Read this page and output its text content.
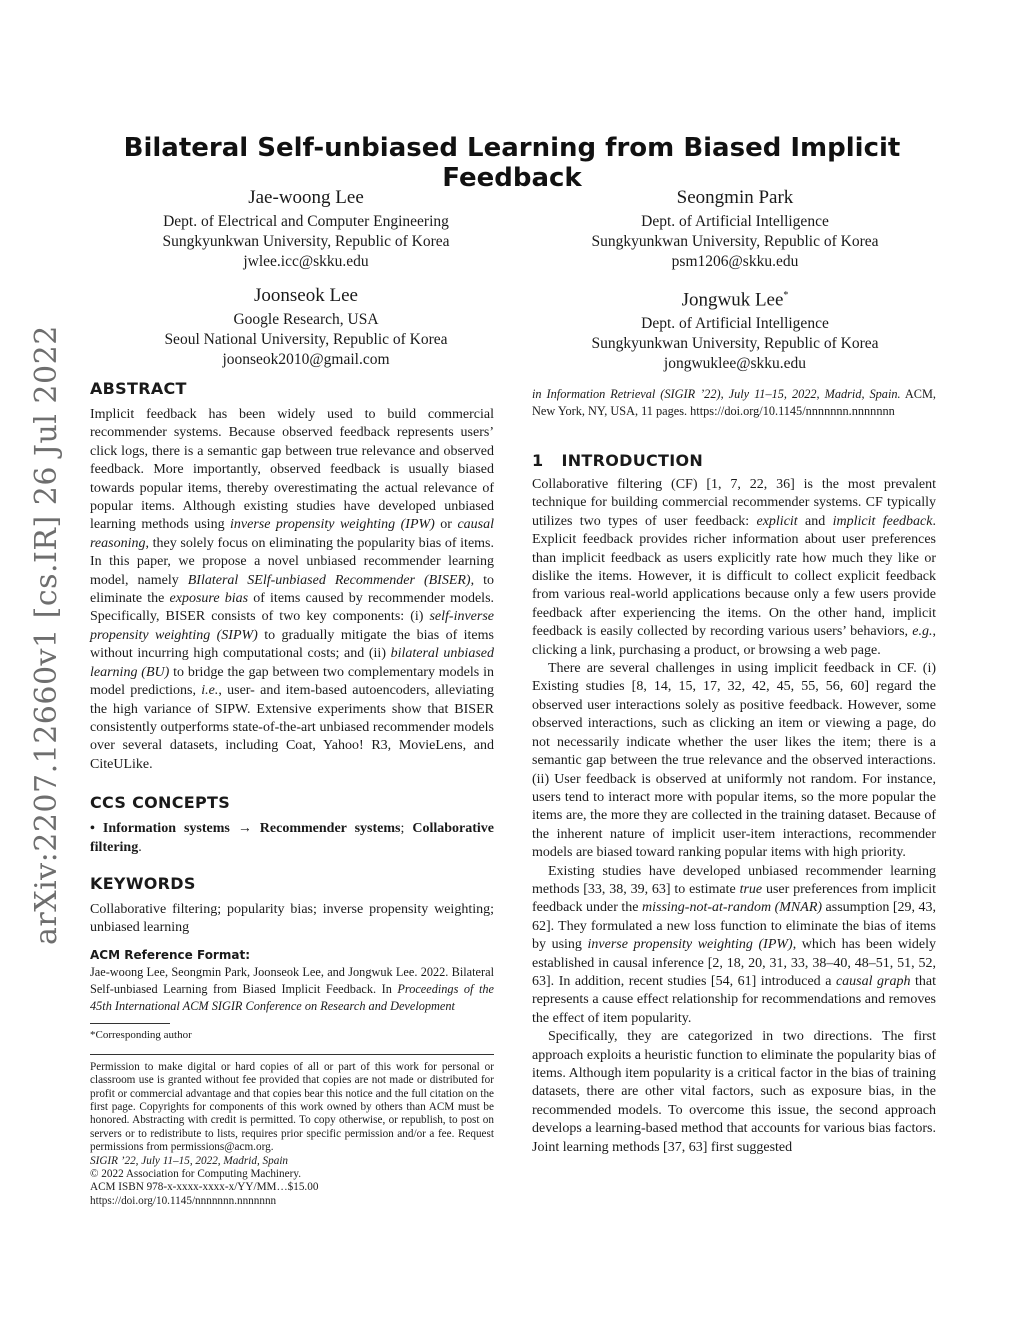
arXiv:2207.12660v1 [cs.IR] 26 Jul 2022
Bilateral Self-unbiased Learning from Biased Implicit Feedback
Jae-woong Lee
Dept. of Electrical and Computer Engineering
Sungkyunkwan University, Republic of Korea
jwlee.icc@skku.edu
Seongmin Park
Dept. of Artificial Intelligence
Sungkyunkwan University, Republic of Korea
psm1206@skku.edu
Joonseok Lee
Google Research, USA
Seoul National University, Republic of Korea
joonseok2010@gmail.com
Jongwuk Lee*
Dept. of Artificial Intelligence
Sungkyunkwan University, Republic of Korea
jongwuklee@skku.edu
ABSTRACT

Implicit feedback has been widely used to build commercial recommender systems. Because observed feedback represents users’ click logs, there is a semantic gap between true relevance and observed feedback. More importantly, observed feedback is usually biased towards popular items, thereby overestimating the actual relevance of popular items. Although existing studies have developed unbiased learning methods using inverse propensity weighting (IPW) or causal reasoning, they solely focus on eliminating the popularity bias of items. In this paper, we propose a novel unbiased recommender learning model, namely BIlateral SElf-unbiased Recommender (BISER), to eliminate the exposure bias of items caused by recommender models. Specifically, BISER consists of two key components: (i) self-inverse propensity weighting (SIPW) to gradually mitigate the bias of items without incurring high computational costs; and (ii) bilateral unbiased learning (BU) to bridge the gap between two complementary models in model predictions, i.e., user- and item-based autoencoders, alleviating the high variance of SIPW. Extensive experiments show that BISER consistently outperforms state-of-the-art unbiased recommender models over several datasets, including Coat, Yahoo! R3, MovieLens, and CiteULike.

CCS CONCEPTS

• Information systems → Recommender systems; Collaborative filtering.

KEYWORDS

Collaborative filtering; popularity bias; inverse propensity weighting; unbiased learning

ACM Reference Format:

Jae-woong Lee, Seongmin Park, Joonseok Lee, and Jongwuk Lee. 2022. Bilateral Self-unbiased Learning from Biased Implicit Feedback. In Proceedings of the 45th International ACM SIGIR Conference on Research and Development

*Corresponding author
Permission to make digital or hard copies of all or part of this work for personal or classroom use is granted without fee provided that copies are not made or distributed for profit or commercial advantage and that copies bear this notice and the full citation on the first page. Copyrights for components of this work owned by others than ACM must be honored. Abstracting with credit is permitted. To copy otherwise, or republish, to post on servers or to redistribute to lists, requires prior specific permission and/or a fee. Request permissions from permissions@acm.org.
SIGIR ’22, July 11–15, 2022, Madrid, Spain
© 2022 Association for Computing Machinery.
ACM ISBN 978-x-xxxx-xxxx-x/YY/MM…$15.00
https://doi.org/10.1145/nnnnnnn.nnnnnnn

in Information Retrieval (SIGIR ’22), July 11–15, 2022, Madrid, Spain. ACM, New York, NY, USA, 11 pages. https://doi.org/10.1145/nnnnnnn.nnnnnnn

1 INTRODUCTION

Collaborative filtering (CF) [1, 7, 22, 36] is the most prevalent technique for building commercial recommender systems. CF typically utilizes two types of user feedback: explicit and implicit feedback. Explicit feedback provides richer information about user preferences than implicit feedback as users explicitly rate how much they like or dislike the items. However, it is difficult to collect explicit feedback from various real-world applications because only a few users provide feedback after experiencing the items. On the other hand, implicit feedback is easily collected by recording various users’ behaviors, e.g., clicking a link, purchasing a product, or browsing a web page.

There are several challenges in using implicit feedback in CF. (i) Existing studies [8, 14, 15, 17, 32, 42, 45, 55, 56, 60] regard the observed user interactions solely as positive feedback. However, some observed interactions, such as clicking an item or viewing a page, do not necessarily indicate whether the user likes the item; there is a semantic gap between the true relevance and the observed interactions. (ii) User feedback is observed at uniformly not random. For instance, users tend to interact more with popular items, so the more popular the items are, the more they are collected in the training dataset. Because of the inherent nature of implicit user-item interactions, recommender models are biased toward ranking popular items with high priority.

Existing studies have developed unbiased recommender learning methods [33, 38, 39, 63] to estimate true user preferences from implicit feedback under the missing-not-at-random (MNAR) assumption [29, 43, 62]. They formulated a new loss function to eliminate the bias of items by using inverse propensity weighting (IPW), which has been widely established in causal inference [2, 18, 20, 31, 33, 38–40, 48–51, 51, 52, 63]. In addition, recent studies [54, 61] introduced a causal graph that represents a cause effect relationship for recommendations and removes the effect of item popularity.

Specifically, they are categorized in two directions. The first approach exploits a heuristic function to eliminate the popularity bias of items. Although item popularity is a critical factor in the bias of training datasets, there are other vital factors, such as exposure bias, in the recommended models. To overcome this issue, the second approach develops a learning-based method that accounts for various bias factors. Joint learning methods [37, 63] first suggested
